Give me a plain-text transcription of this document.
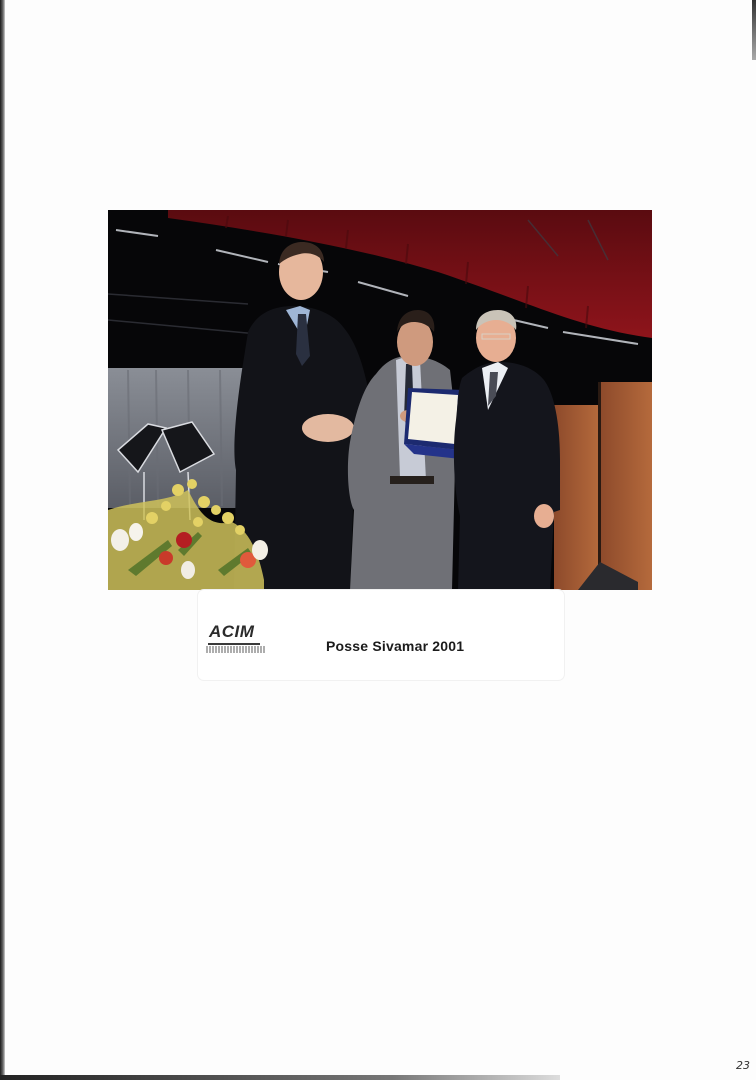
ACIM
Posse Sivamar 2001
23
